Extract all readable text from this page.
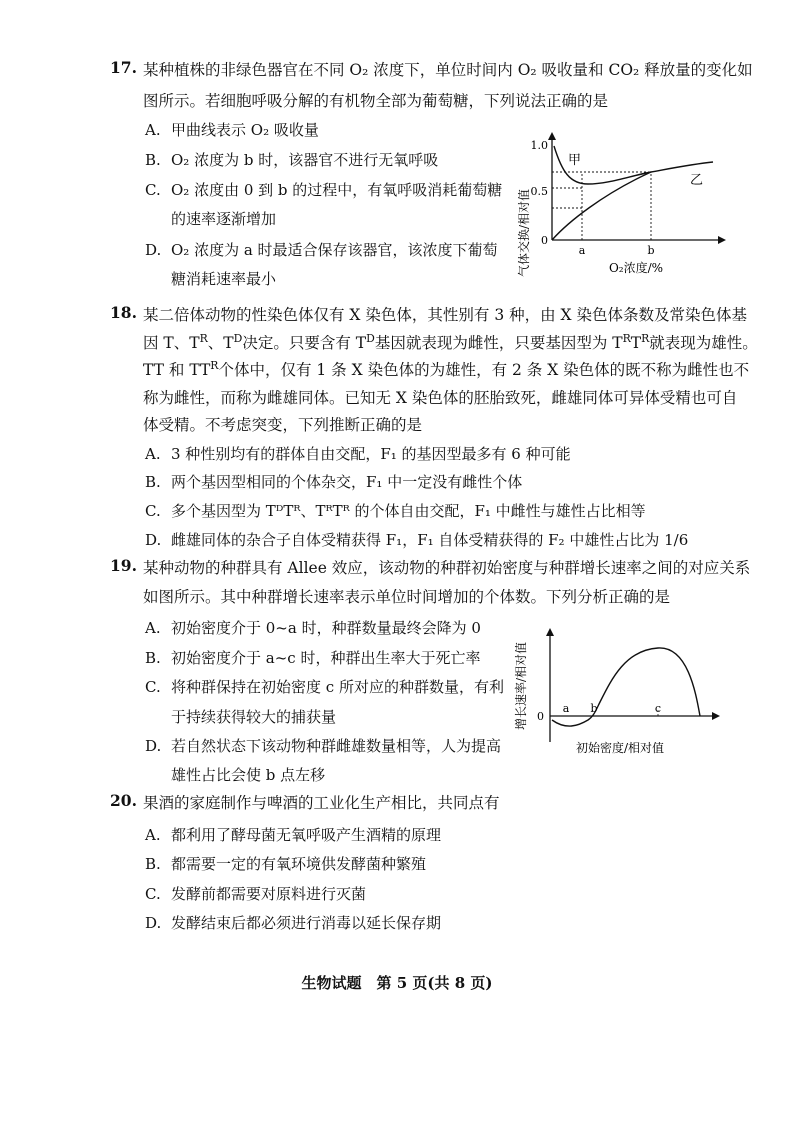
17. 某种植株的非绿色器官在不同 O₂ 浓度下，单位时间内 O₂ 吸收量和 CO₂ 释放量的变化如
图所示。若细胞呼吸分解的有机物全部为葡萄糖，下列说法正确的是
A. 甲曲线表示 O₂ 吸收量
B. O₂ 浓度为 b 时，该器官不进行无氧呼吸
C. O₂ 浓度由 0 到 b 的过程中，有氧呼吸消耗葡萄糖
的速率逐渐增加
D. O₂ 浓度为 a 时最适合保存该器官，该浓度下葡萄
糖消耗速率最小
气体交换/相对值
1.0
0.5
0
甲
乙
a	b
O₂浓度/%
18. 某二倍体动物的性染色体仅有 X 染色体，其性别有 3 种，由 X 染色体条数及常染色体基
因 T、$T^R$、$T^D$决定。只要含有 $T^D$基因就表现为雌性，只要基因型为 $T^RT^R$就表现为雄性。
TT 和 $TT^R$个体中，仅有 1 条 X 染色体的为雄性，有 2 条 X 染色体的既不称为雌性也不
称为雌性，而称为雌雄同体。已知无 X 染色体的胚胎致死，雌雄同体可异体受精也可自
体受精。不考虑突变，下列推断正确的是
A. 3 种性别均有的群体自由交配，F₁ 的基因型最多有 6 种可能
B. 两个基因型相同的个体杂交，F₁ 中一定没有雌性个体
C. 多个基因型为 TᴰTᴿ、TᴿTᴿ 的个体自由交配，F₁ 中雌性与雄性占比相等
D. 雌雄同体的杂合子自体受精获得 F₁，F₁ 自体受精获得的 F₂ 中雄性占比为 1/6
19. 某种动物的种群具有 Allee 效应，该动物的种群初始密度与种群增长速率之间的对应关系
如图所示。其中种群增长速率表示单位时间增加的个体数。下列分析正确的是
A. 初始密度介于 0~a 时，种群数量最终会降为 0
B. 初始密度介于 a~c 时，种群出生率大于死亡率
C. 将种群保持在初始密度 c 所对应的种群数量，有利
于持续获得较大的捕获量
D. 若自然状态下该动物种群雌雄数量相等，人为提高
雄性占比会使 b 点左移
增长速率/相对值 0
a b	c
初始密度/相对值
20. 果酒的家庭制作与啤酒的工业化生产相比，共同点有
A. 都利用了酵母菌无氧呼吸产生酒精的原理
B. 都需要一定的有氧环境供发酵菌种繁殖
C. 发酵前都需要对原料进行灭菌
D. 发酵结束后都必须进行消毒以延长保存期
生物试题　第 5 页(共 8 页)
